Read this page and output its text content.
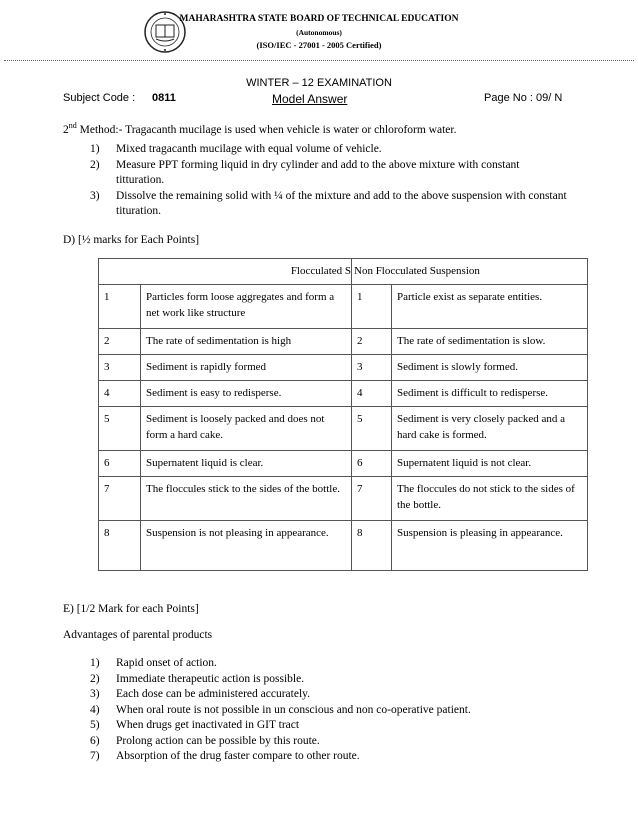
MAHARASHTRA STATE BOARD OF TECHNICAL EDUCATION
(Autonomous)
(ISO/IEC - 27001 - 2005 Certified)
WINTER – 12 EXAMINATION
Subject Code : 0811	Model Answer	Page No : 09/ N
2nd Method:- Tragacanth mucilage is used when vehicle is water or chloroform water.
1) Mixed tragacanth mucilage with equal volume of vehicle.
2) Measure PPT forming liquid in dry cylinder and add to the above mixture with constant titturation.
3) Dissolve the remaining solid with ¼ of the mixture and add to the above suspension with constant tituration.
D) [½ marks for Each Points]
Flocculated S		Non Flocculated Suspension	
1	Particles form loose aggregates and form a net work like structure	1	Particle exist as separate entities.
2	The rate of sedimentation is high	2	The rate of sedimentation is slow.
3	Sediment is rapidly formed	3	Sediment is slowly formed.
4	Sediment is easy to redisperse.	4	Sediment is difficult to redisperse.
5	Sediment is loosely packed and does not form a hard cake.	5	Sediment is very closely packed and a hard cake is formed.
6	Supernatent liquid is clear.	6	Supernatent liquid is not clear.
7	The floccules stick to the sides of the bottle.	7	The floccules do not stick to the sides of the bottle.
8	Suspension is not pleasing in appearance.	8	Suspension is pleasing in appearance.
E) [1/2 Mark for each Points]
Advantages of parental products
1) Rapid onset of action.
2) Immediate therapeutic action is possible.
3) Each dose can be administered accurately.
4) When oral route is not possible in un conscious and non co-operative patient.
5) When drugs get inactivated in GIT tract
6) Prolong action can be possible by this route.
7) Absorption of the drug faster compare to other route.
